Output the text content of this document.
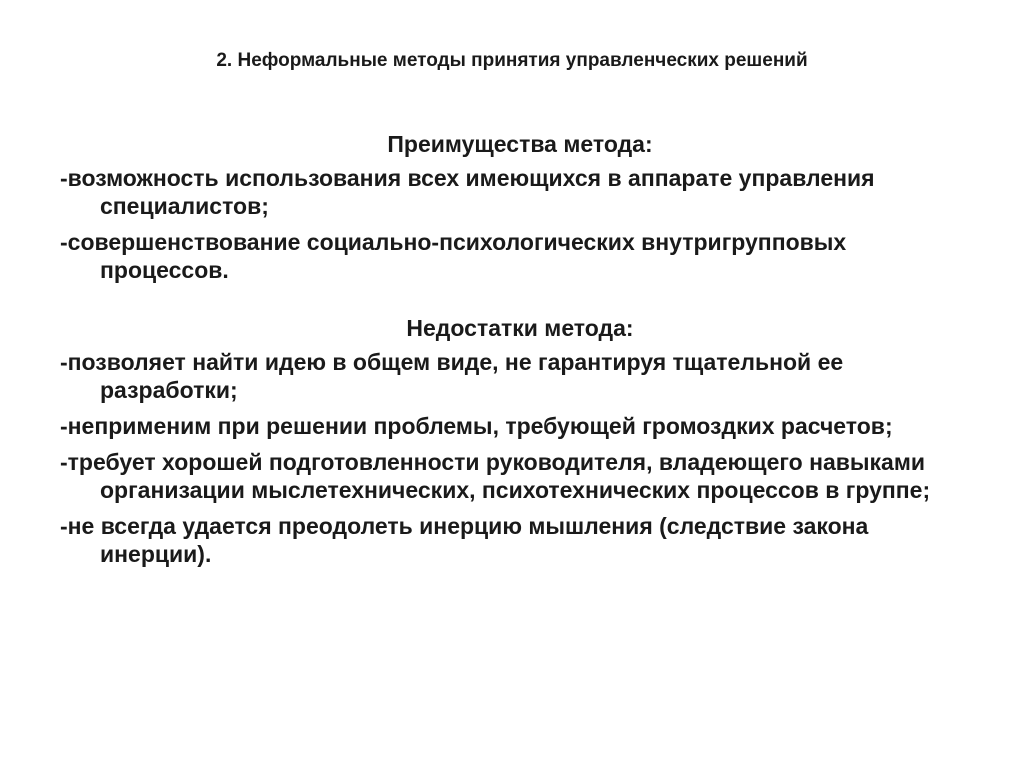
2. Неформальные методы принятия управленческих решений

Преимущества метода:

-возможность использования всех имеющихся в аппарате управления специалистов;

-совершенствование социально-психологических внутригрупповых процессов.

Недостатки метода:

-позволяет найти идею в общем виде, не гарантируя тщательной ее разработки;

-неприменим при решении проблемы, требующей громоздких расчетов;

-требует хорошей подготовленности руководителя, владеющего навыками организации мыслетехнических, психотехнических процессов в группе;

-не всегда удается преодолеть инерцию мышления (следствие закона инерции).
